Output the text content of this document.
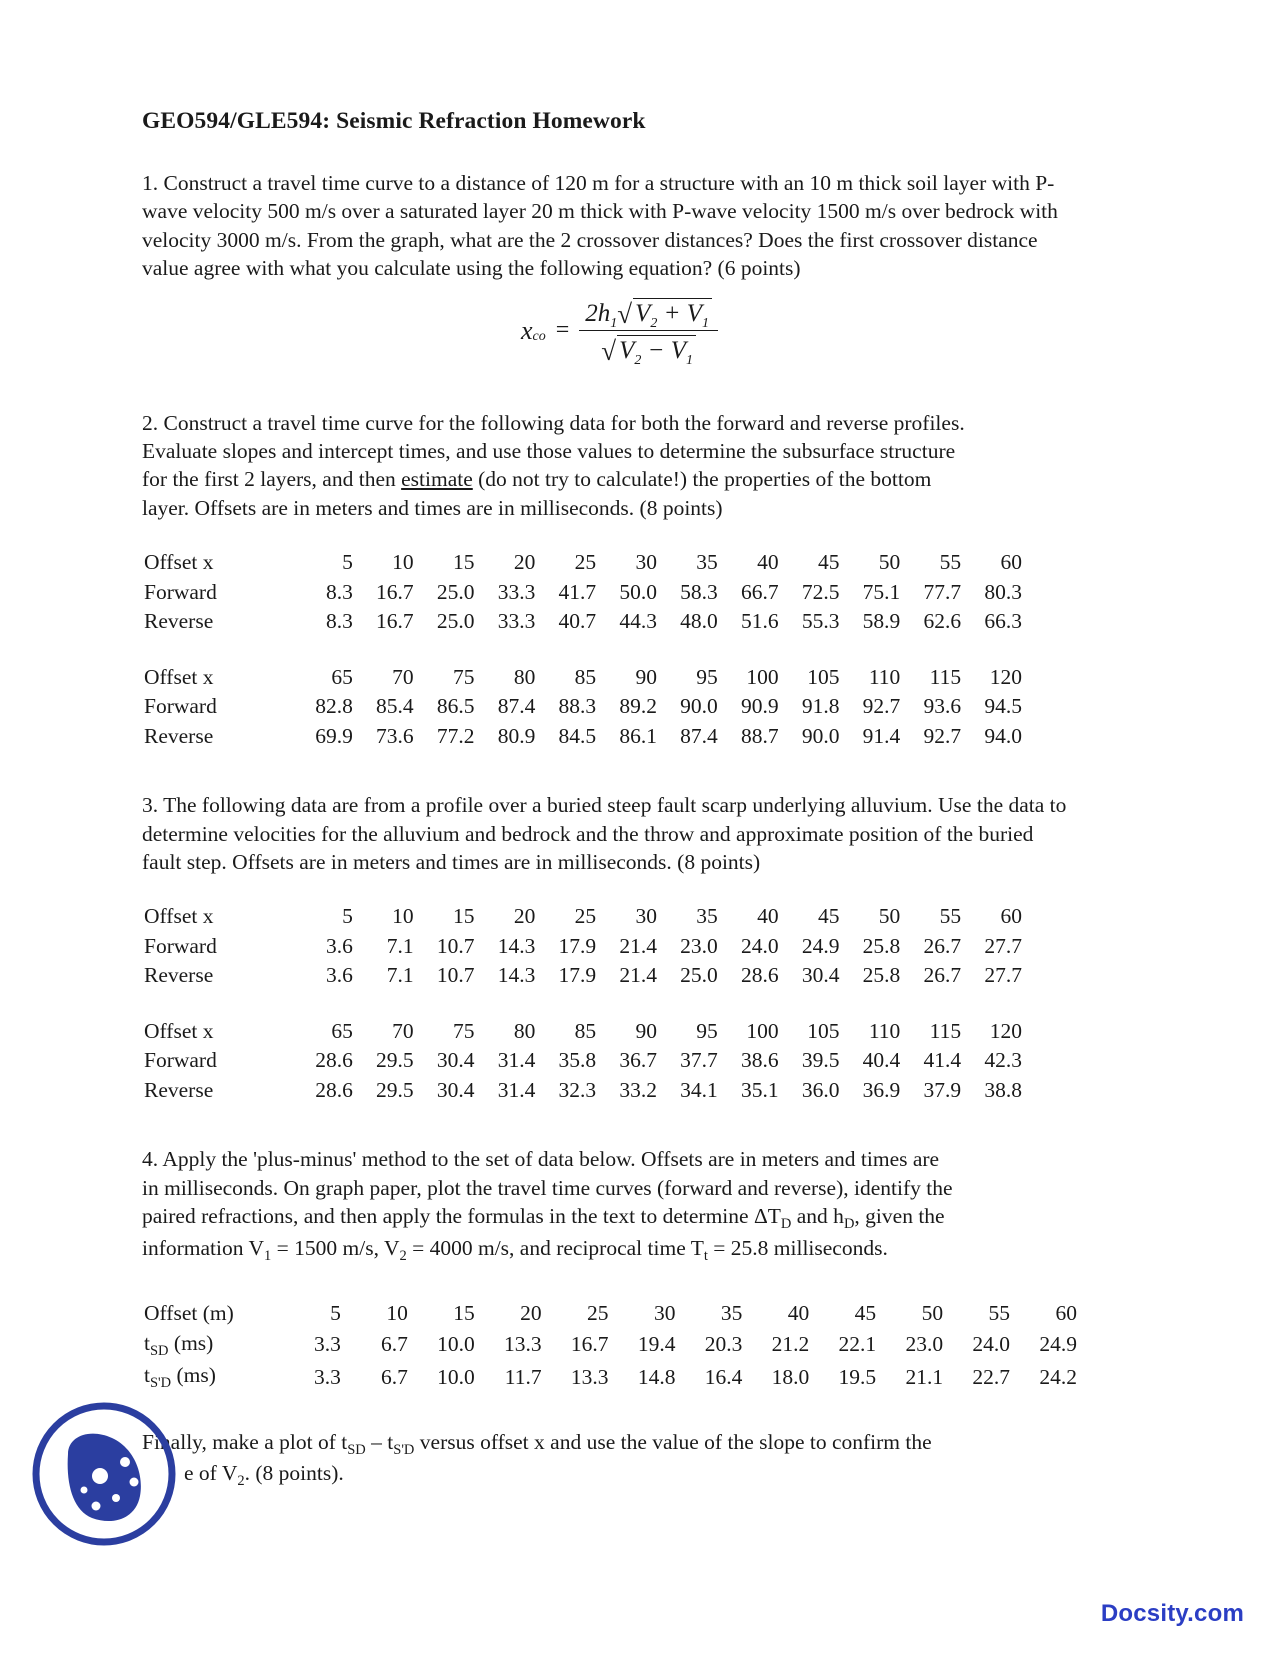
GEO594/GLE594: Seismic Refraction Homework

1. Construct a travel time curve to a distance of 120 m for a structure with an 10 m thick soil layer with P-wave velocity 500 m/s over a saturated layer 20 m thick with P-wave velocity 1500 m/s over bedrock with velocity 3000 m/s. From the graph, what are the 2 crossover distances? Does the first crossover distance value agree with what you calculate using the following equation? (6 points)

x co = $\frac{2h_1√ V_2 + V_1}{√ V_2 - V_1}$

2. Construct a travel time curve for the following data for both the forward and reverse profiles.
Evaluate slopes and intercept times, and use those values to determine the subsurface structure
for the first 2 layers, and then estimate (do not try to calculate!) the properties of the bottom
layer. Offsets are in meters and times are in milliseconds. (8 points)

Offset x	5	10	15	20	25	30	35	40	45	50	55	60
Forward	8.3	16.7	25.0	33.3	41.7	50.0	58.3	66.7	72.5	75.1	77.7	80.3
Reverse	8.3	16.7	25.0	33.3	40.7	44.3	48.0	51.6	55.3	58.9	62.6	66.3
Offset x	65	70	75	80	85	90	95	100	105	110	115	120
Forward	82.8	85.4	86.5	87.4	88.3	89.2	90.0	90.9	91.8	92.7	93.6	94.5
Reverse	69.9	73.6	77.2	80.9	84.5	86.1	87.4	88.7	90.0	91.4	92.7	94.0

3. The following data are from a profile over a buried steep fault scarp underlying alluvium. Use the data to determine velocities for the alluvium and bedrock and the throw and approximate position of the buried fault step. Offsets are in meters and times are in milliseconds. (8 points)

Offset x	5	10	15	20	25	30	35	40	45	50	55	60
Forward	3.6	7.1	10.7	14.3	17.9	21.4	23.0	24.0	24.9	25.8	26.7	27.7
Reverse	3.6	7.1	10.7	14.3	17.9	21.4	25.0	28.6	30.4	25.8	26.7	27.7
Offset x	65	70	75	80	85	90	95	100	105	110	115	120
Forward	28.6	29.5	30.4	31.4	35.8	36.7	37.7	38.6	39.5	40.4	41.4	42.3
Reverse	28.6	29.5	30.4	31.4	32.3	33.2	34.1	35.1	36.0	36.9	37.9	38.8

4. Apply the 'plus-minus' method to the set of data below. Offsets are in meters and times are
in milliseconds. On graph paper, plot the travel time curves (forward and reverse), identify the
paired refractions, and then apply the formulas in the text to determine $\Delta T_D$ and $h_D$, given the
information $V_1 = 1500$ m/s, $V_2 = 4000$ m/s, and reciprocal time $T_t = 25.8$ milliseconds.

Offset (m)	5	10	15	20	25	30	35	40	45	50	55	60
$t_{SD}$ (ms)	3.3	6.7	10.0	13.3	16.7	19.4	20.3	21.2	22.1	23.0	24.0	24.9
$t_{S'D}$ (ms)	3.3	6.7	10.0	11.7	13.3	14.8	16.4	18.0	19.5	21.1	22.7	24.2

Finally, make a plot of $t_{SD} - t_{S'D}$ versus offset x and use the value of the slope to confirm the
e of $V_2$. (8 points).

Docsity.com
